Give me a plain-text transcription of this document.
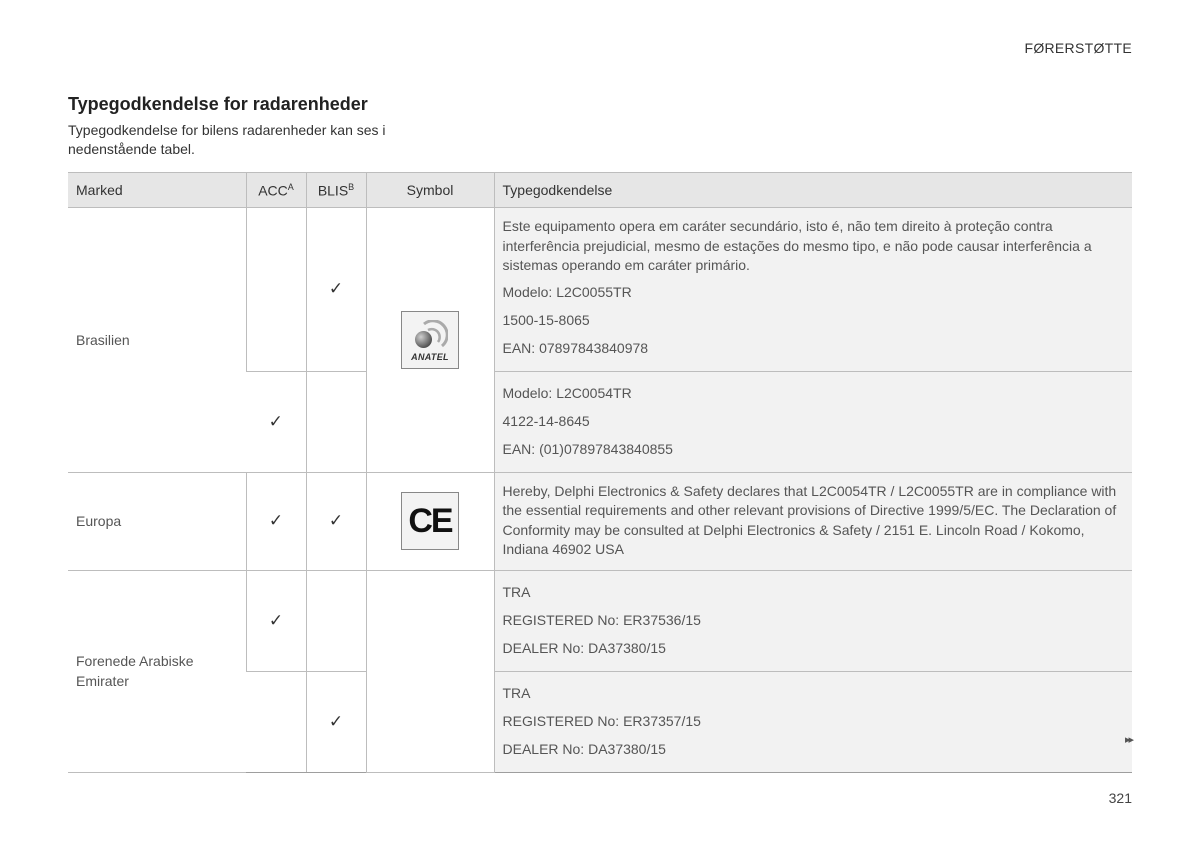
FØRERSTØTTE
Typegodkendelse for radarenheder

Typegodkendelse for bilens radarenheder kan ses i nedenstående tabel.

Marked	$ACC^A$	$BLIS^B$	Symbol	Typegodkendelse
Brasilien		✓	ANATEL	Este equipamento opera em caráter secundário, isto é, não tem direito à proteção contra interferência prejudicial, mesmo de estações do mesmo tipo, e não pode causar interferência a sistemas operando em caráter primário.

Modelo: L2C0055TR

1500-15-8065

EAN: 07897843840978

	✓			Modelo: L2C0054TR

4122-14-8645

EAN: (01)07897843840855

Europa	✓	✓	CE	Hereby, Delphi Electronics & Safety declares that L2C0054TR / L2C0055TR are in compliance with the essential requirements and other relevant provisions of Directive 1999/5/EC. The Declaration of Conformity may be consulted at Delphi Electronics & Safety / 2151 E. Lincoln Road / Kokomo, Indiana 46902 USA

Forenede Arabiske Emirater	✓			TRA

REGISTERED No: ER37536/15

DEALER No: DA37380/15

		✓		TRA

REGISTERED No: ER37357/15

DEALER No: DA37380/15

▸▸
321
